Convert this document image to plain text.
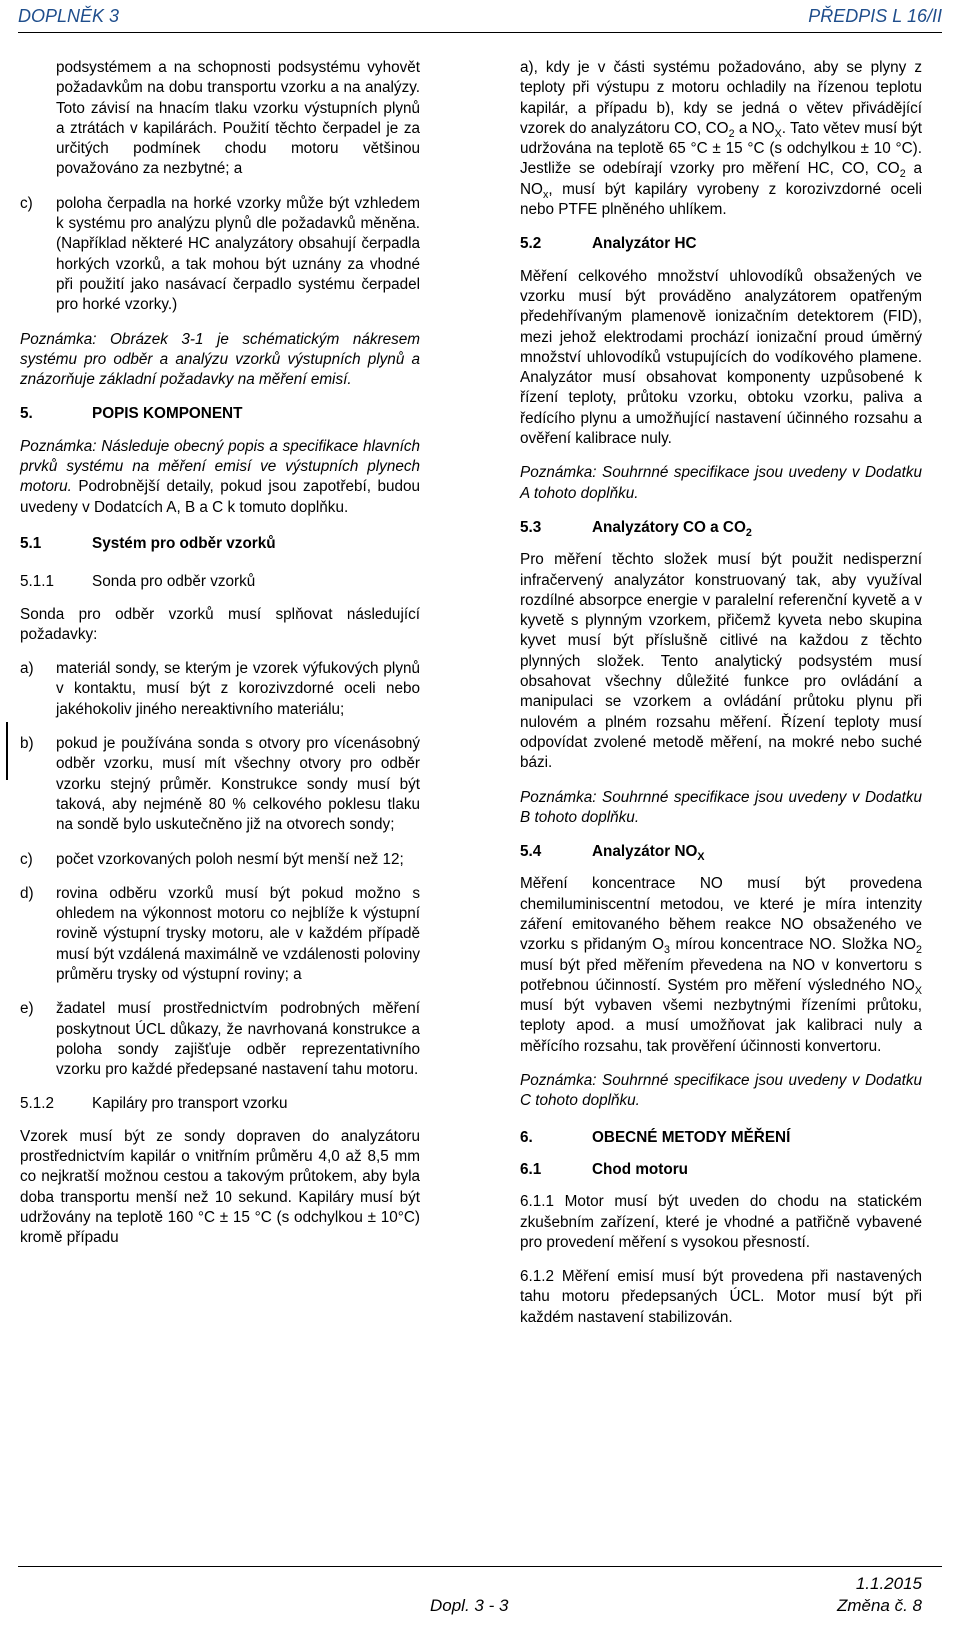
DOPLNĚK 3	PŘEDPIS L 16/II

podsystémem a na schopnosti podsystému vyhovět požadavkům na dobu transportu vzorku a na analýzy. Toto závisí na hnacím tlaku vzorku výstupních plynů a ztrátách v kapilárách. Použití těchto čerpadel je za určitých podmínek chodu motoru většinou považováno za nezbytné; a

c) poloha čerpadla na horké vzorky může být vzhledem k systému pro analýzu plynů dle požadavků měněna. (Například některé HC analyzátory obsahují čerpadla horkých vzorků, a tak mohou být uznány za vhodné při použití jako nasávací čerpadlo systému čerpadel pro horké vzorky.)

Poznámka: Obrázek 3-1 je schématickým nákresem systému pro odběr a analýzu vzorků výstupních plynů a znázorňuje základní požadavky na měření emisí.

5.	POPIS KOMPONENT

Poznámka: Následuje obecný popis a specifikace hlavních prvků systému na měření emisí ve výstupních plynech motoru. Podrobnější detaily, pokud jsou zapotřebí, budou uvedeny v Dodatcích A, B a C k tomuto doplňku.

5.1	Systém pro odběr vzorků
5.1.1 Sonda pro odběr vzorků

Sonda pro odběr vzorků musí splňovat následující požadavky:

a) materiál sondy, se kterým je vzorek výfukových plynů v kontaktu, musí být z korozivzdorné oceli nebo jakéhokoliv jiného nereaktivního materiálu;
b) pokud je používána sonda s otvory pro vícenásobný odběr vzorku, musí mít všechny otvory pro odběr vzorku stejný průměr. Konstrukce sondy musí být taková, aby nejméně 80 % celkového poklesu tlaku na sondě bylo uskutečněno již na otvorech sondy;
c) počet vzorkovaných poloh nesmí být menší než 12;
d) rovina odběru vzorků musí být pokud možno s ohledem na výkonnost motoru co nejblíže k výstupní rovině výstupní trysky motoru, ale v každém případě musí být vzdálená maximálně ve vzdálenosti poloviny průměru trysky od výstupní roviny; a
e) žadatel musí prostřednictvím podrobných měření poskytnout ÚCL důkazy, že navrhovaná konstrukce a poloha sondy zajišťuje odběr reprezentativního vzorku pro každé předepsané nastavení tahu motoru.
5.1.2 Kapiláry pro transport vzorku

Vzorek musí být ze sondy dopraven do analyzátoru prostřednictvím kapilár o vnitřním průměru 4,0 až 8,5 mm co nejkratší možnou cestou a takovým průtokem, aby byla doba transportu menší než 10 sekund. Kapiláry musí být udržovány na teplotě 160 °C ± 15 °C (s odchylkou ± 10°C) kromě případu

a), kdy je v části systému požadováno, aby se plyny z teploty při výstupu z motoru ochladily na řízenou teplotu kapilár, a případu b), kdy se jedná o větev přivádějící vzorek do analyzátoru CO, $CO_2$ a $NO_X$. Tato větev musí být udržována na teplotě 65 °C ± 15 °C (s odchylkou ± 10 °C). Jestliže se odebírají vzorky pro měření HC, CO, $CO_2$ a $NO_x$, musí být kapiláry vyrobeny z korozivzdorné oceli nebo PTFE plněného uhlíkem.

5.2	Analyzátor HC

Měření celkového množství uhlovodíků obsažených ve vzorku musí být prováděno analyzátorem opatřeným předehřívaným plamenově ionizačním detektorem (FID), mezi jehož elektrodami prochází ionizační proud úměrný množství uhlovodíků vstupujících do vodíkového plamene. Analyzátor musí obsahovat komponenty uzpůsobené k řízení teploty, průtoku vzorku, obtoku vzorku, paliva a ředícího plynu a umožňující nastavení účinného rozsahu a ověření kalibrace nuly.

Poznámka: Souhrnné specifikace jsou uvedeny v Dodatku A tohoto doplňku.

5.3	Analyzátory CO a $CO_2$

Pro měření těchto složek musí být použit nedisperzní infračervený analyzátor konstruovaný tak, aby využíval rozdílné absorpce energie v paralelní referenční kyvetě a v kyvetě s plynným vzorkem, přičemž kyveta nebo skupina kyvet musí být příslušně citlivé na každou z těchto plynných složek. Tento analytický podsystém musí obsahovat všechny důležité funkce pro ovládání a manipulaci se vzorkem a ovládání průtoku plynu při nulovém a plném rozsahu měření. Řízení teploty musí odpovídat zvolené metodě měření, na mokré nebo suché bázi.

Poznámka: Souhrnné specifikace jsou uvedeny v Dodatku B tohoto doplňku.

5.4	Analyzátor $NO_X$

Měření koncentrace NO musí být provedena chemiluminiscentní metodou, ve které je míra intenzity záření emitovaného během reakce NO obsaženého ve vzorku s přidaným $O_3$ mírou koncentrace NO. Složka $NO_2$ musí být před měřením převedena na NO v konvertoru s potřebnou účinností. Systém pro měření výsledného $NO_X$ musí být vybaven všemi nezbytnými řízeními průtoku, teploty apod. a musí umožňovat jak kalibraci nuly a měřícího rozsahu, tak prověření účinnosti konvertoru.

Poznámka: Souhrnné specifikace jsou uvedeny v Dodatku C tohoto doplňku.

6.	OBECNÉ METODY MĚŘENÍ
6.1	Chod motoru

6.1.1 Motor musí být uveden do chodu na statickém zkušebním zařízení, které je vhodné a patřičně vybavené pro provedení měření s vysokou přesností.

6.1.2 Měření emisí musí být provedena při nastavených tahu motoru předepsaných ÚCL. Motor musí být při každém nastavení stabilizován.

1.1.2015
Dopl. 3 - 3	Změna č. 8
